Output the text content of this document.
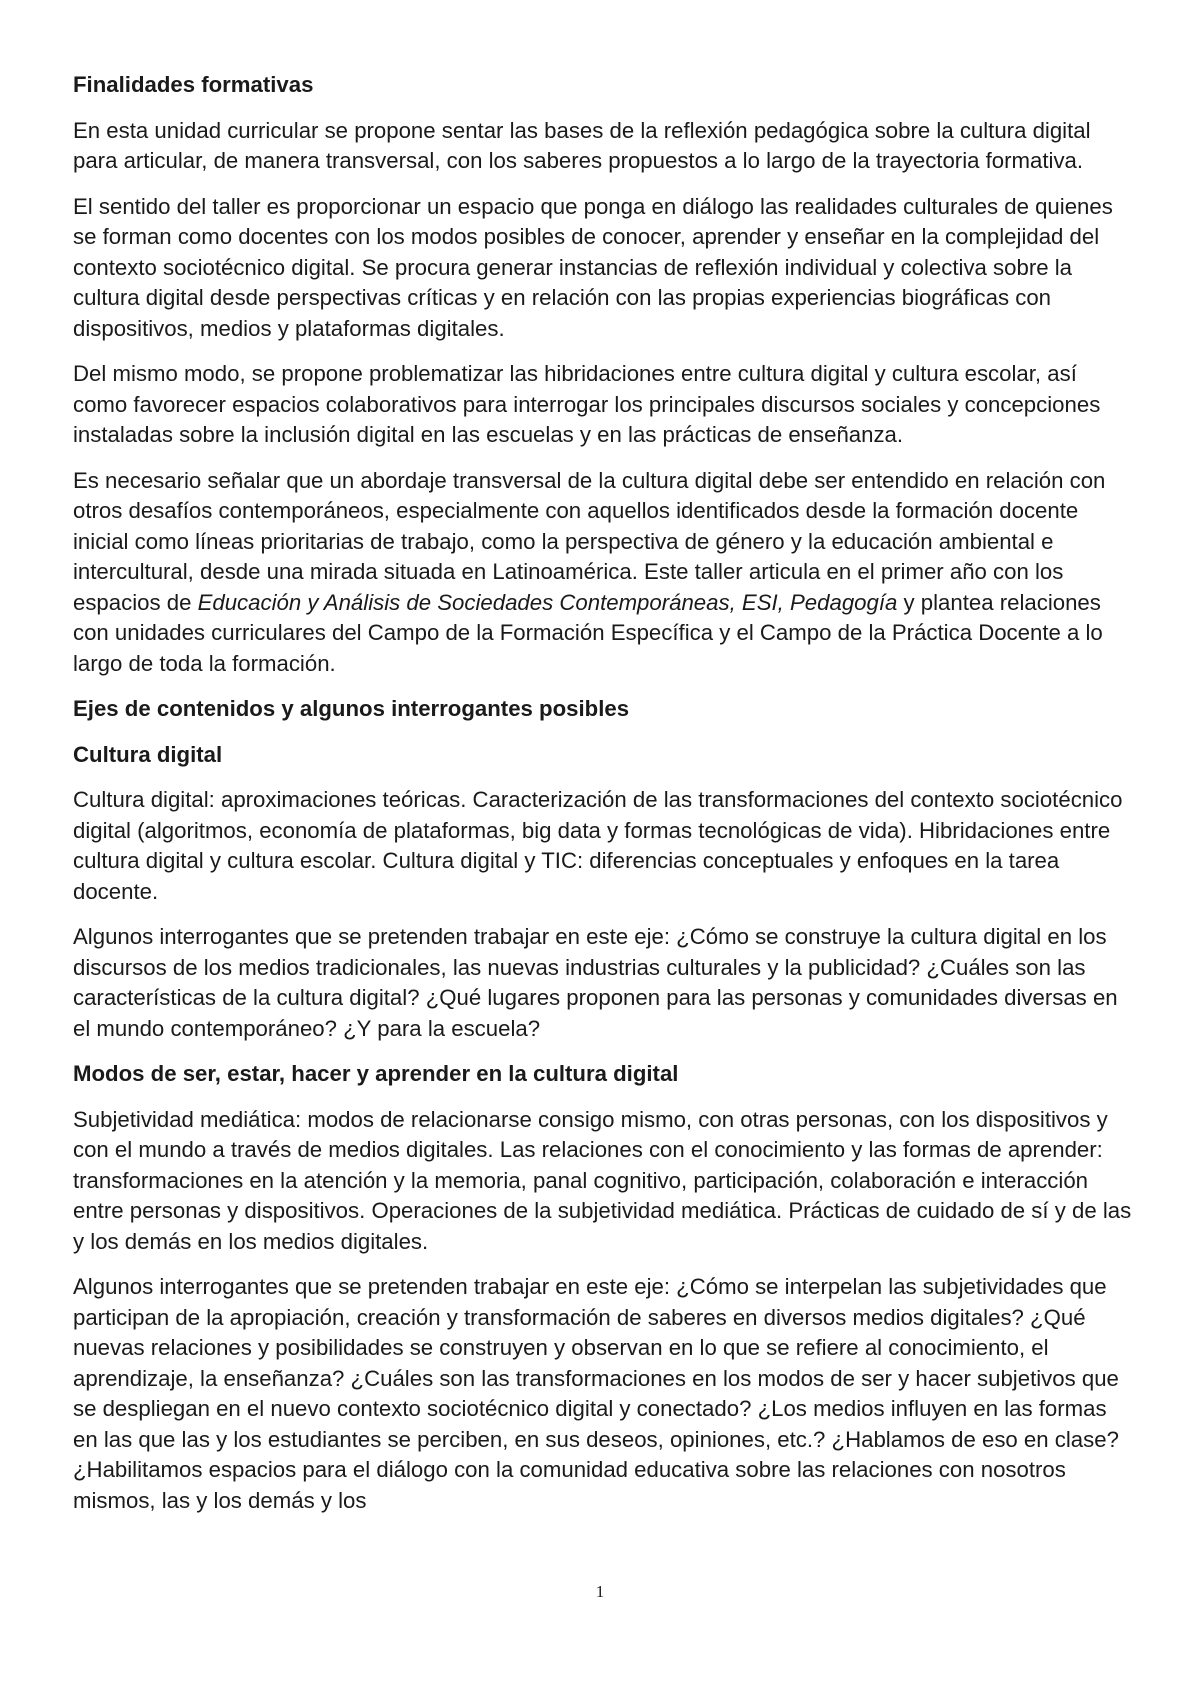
Finalidades formativas

En esta unidad curricular se propone sentar las bases de la reflexión pedagógica sobre la cultura digital para articular, de manera transversal, con los saberes propuestos a lo largo de la trayectoria formativa.

El sentido del taller es proporcionar un espacio que ponga en diálogo las realidades culturales de quienes se forman como docentes con los modos posibles de conocer, aprender y enseñar en la complejidad del contexto sociotécnico digital. Se procura generar instancias de reflexión individual y colectiva sobre la cultura digital desde perspectivas críticas y en relación con las propias experiencias biográficas con dispositivos, medios y plataformas digitales.

Del mismo modo, se propone problematizar las hibridaciones entre cultura digital y cultura escolar, así como favorecer espacios colaborativos para interrogar los principales discursos sociales y concepciones instaladas sobre la inclusión digital en las escuelas y en las prácticas de enseñanza.

Es necesario señalar que un abordaje transversal de la cultura digital debe ser entendido en relación con otros desafíos contemporáneos, especialmente con aquellos identificados desde la formación docente inicial como líneas prioritarias de trabajo, como la perspectiva de género y la educación ambiental e intercultural, desde una mirada situada en Latinoamérica. Este taller articula en el primer año con los espacios de Educación y Análisis de Sociedades Contemporáneas, ESI, Pedagogía y plantea relaciones con unidades curriculares del Campo de la Formación Específica y el Campo de la Práctica Docente a lo largo de toda la formación.

Ejes de contenidos y algunos interrogantes posibles
Cultura digital

Cultura digital: aproximaciones teóricas. Caracterización de las transformaciones del contexto sociotécnico digital (algoritmos, economía de plataformas, big data y formas tecnológicas de vida). Hibridaciones entre cultura digital y cultura escolar. Cultura digital y TIC: diferencias conceptuales y enfoques en la tarea docente.

Algunos interrogantes que se pretenden trabajar en este eje: ¿Cómo se construye la cultura digital en los discursos de los medios tradicionales, las nuevas industrias culturales y la publicidad? ¿Cuáles son las características de la cultura digital? ¿Qué lugares proponen para las personas y comunidades diversas en el mundo contemporáneo? ¿Y para la escuela?

Modos de ser, estar, hacer y aprender en la cultura digital

Subjetividad mediática: modos de relacionarse consigo mismo, con otras personas, con los dispositivos y con el mundo a través de medios digitales. Las relaciones con el conocimiento y las formas de aprender: transformaciones en la atención y la memoria, panal cognitivo, participación, colaboración e interacción entre personas y dispositivos. Operaciones de la subjetividad mediática. Prácticas de cuidado de sí y de las y los demás en los medios digitales.

Algunos interrogantes que se pretenden trabajar en este eje: ¿Cómo se interpelan las subjetividades que participan de la apropiación, creación y transformación de saberes en diversos medios digitales? ¿Qué nuevas relaciones y posibilidades se construyen y observan en lo que se refiere al conocimiento, el aprendizaje, la enseñanza? ¿Cuáles son las transformaciones en los modos de ser y hacer subjetivos que se despliegan en el nuevo contexto sociotécnico digital y conectado? ¿Los medios influyen en las formas en las que las y los estudiantes se perciben, en sus deseos, opiniones, etc.? ¿Hablamos de eso en clase? ¿Habilitamos espacios para el diálogo con la comunidad educativa sobre las relaciones con nosotros mismos, las y los demás y los

1
